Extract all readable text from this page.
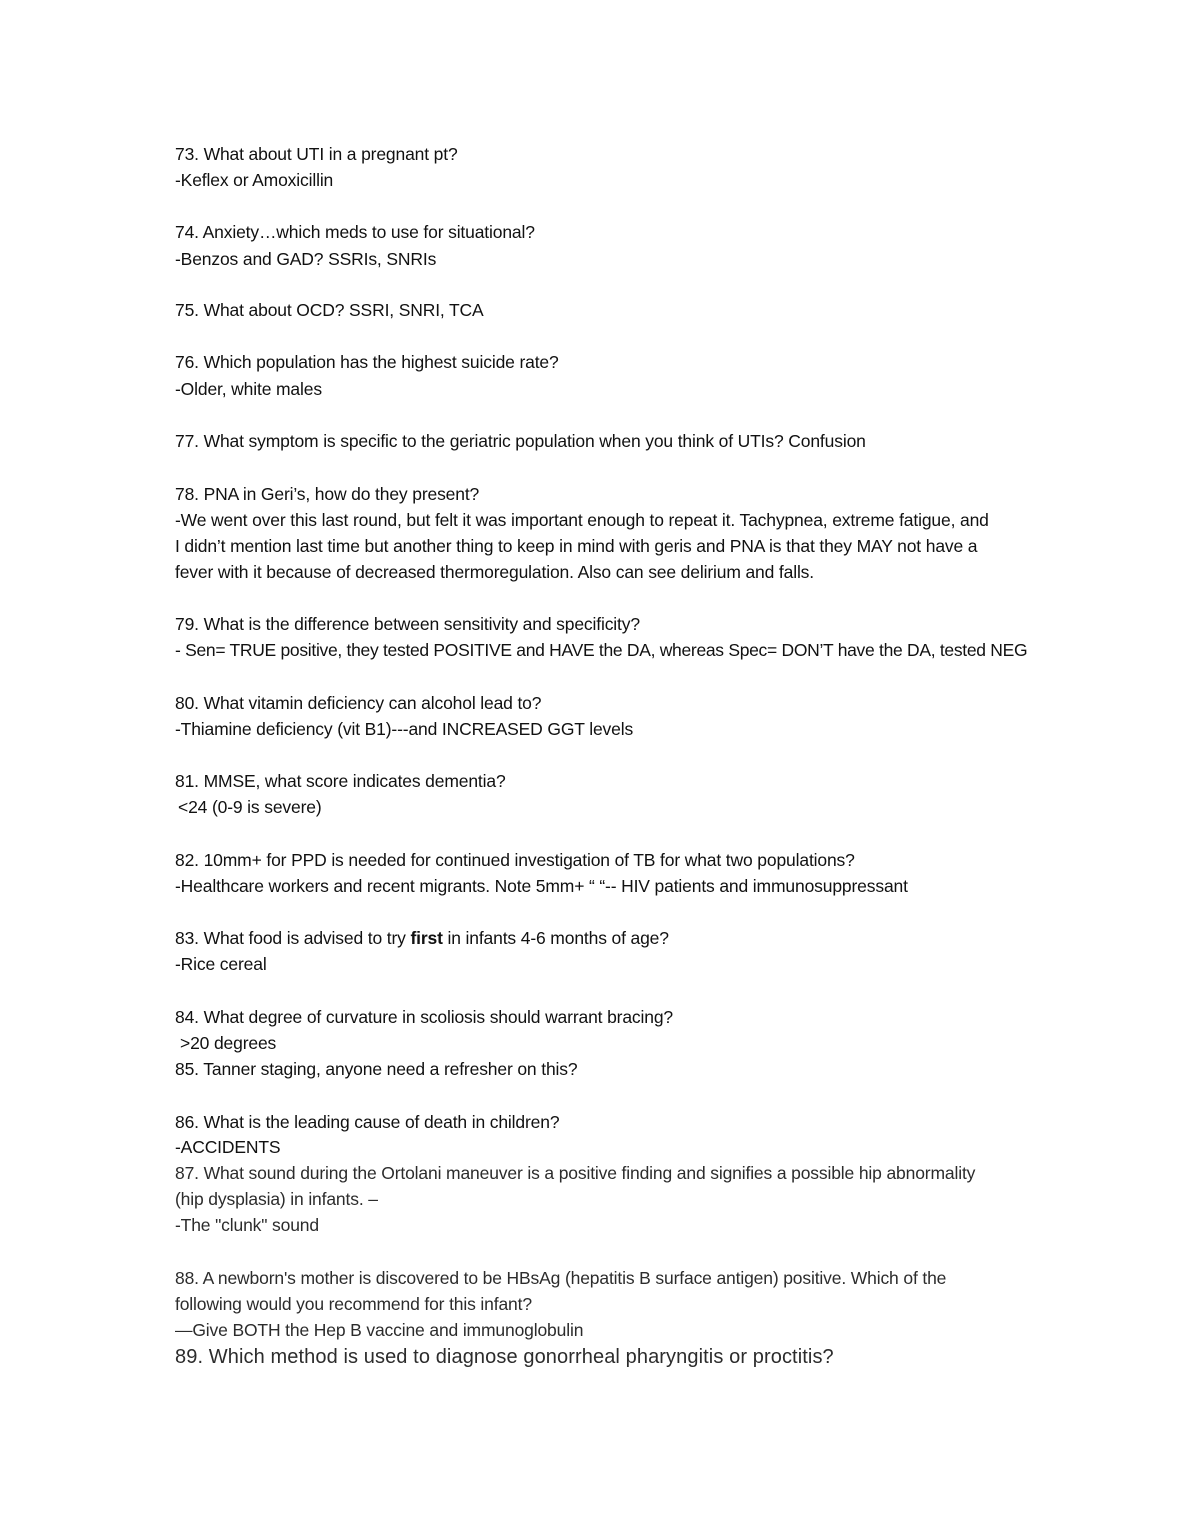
73. What about UTI in a pregnant pt?
-Keflex or Amoxicillin
74. Anxiety…which meds to use for situational?
-Benzos and GAD? SSRIs, SNRIs
75. What about OCD? SSRI, SNRI, TCA
76. Which population has the highest suicide rate?
-Older, white males
77. What symptom is specific to the geriatric population when you think of UTIs? Confusion
78. PNA in Geri’s, how do they present?
-We went over this last round, but felt it was important enough to repeat it. Tachypnea, extreme fatigue, and
I didn’t mention last time but another thing to keep in mind with geris and PNA is that they MAY not have a
fever with it because of decreased thermoregulation. Also can see delirium and falls.
79. What is the difference between sensitivity and specificity?
- Sen= TRUE positive, they tested POSITIVE and HAVE the DA, whereas Spec= DON’T have the DA, tested NEG
80. What vitamin deficiency can alcohol lead to?
-Thiamine deficiency (vit B1)---and INCREASED GGT levels
81. MMSE, what score indicates dementia?
<24 (0-9 is severe)
82. 10mm+ for PPD is needed for continued investigation of TB for what two populations?
-Healthcare workers and recent migrants. Note 5mm+ “ “-- HIV patients and immunosuppressant
83. What food is advised to try first in infants 4-6 months of age?
-Rice cereal
84. What degree of curvature in scoliosis should warrant bracing?
>20 degrees
85. Tanner staging, anyone need a refresher on this?
86. What is the leading cause of death in children?
-ACCIDENTS
87. What sound during the Ortolani maneuver is a positive finding and signifies a possible hip abnormality
(hip dysplasia) in infants. –
-The "clunk" sound
88. A newborn's mother is discovered to be HBsAg (hepatitis B surface antigen) positive. Which of the
following would you recommend for this infant?
—Give BOTH the Hep B vaccine and immunoglobulin
89. Which method is used to diagnose gonorrheal pharyngitis or proctitis?
